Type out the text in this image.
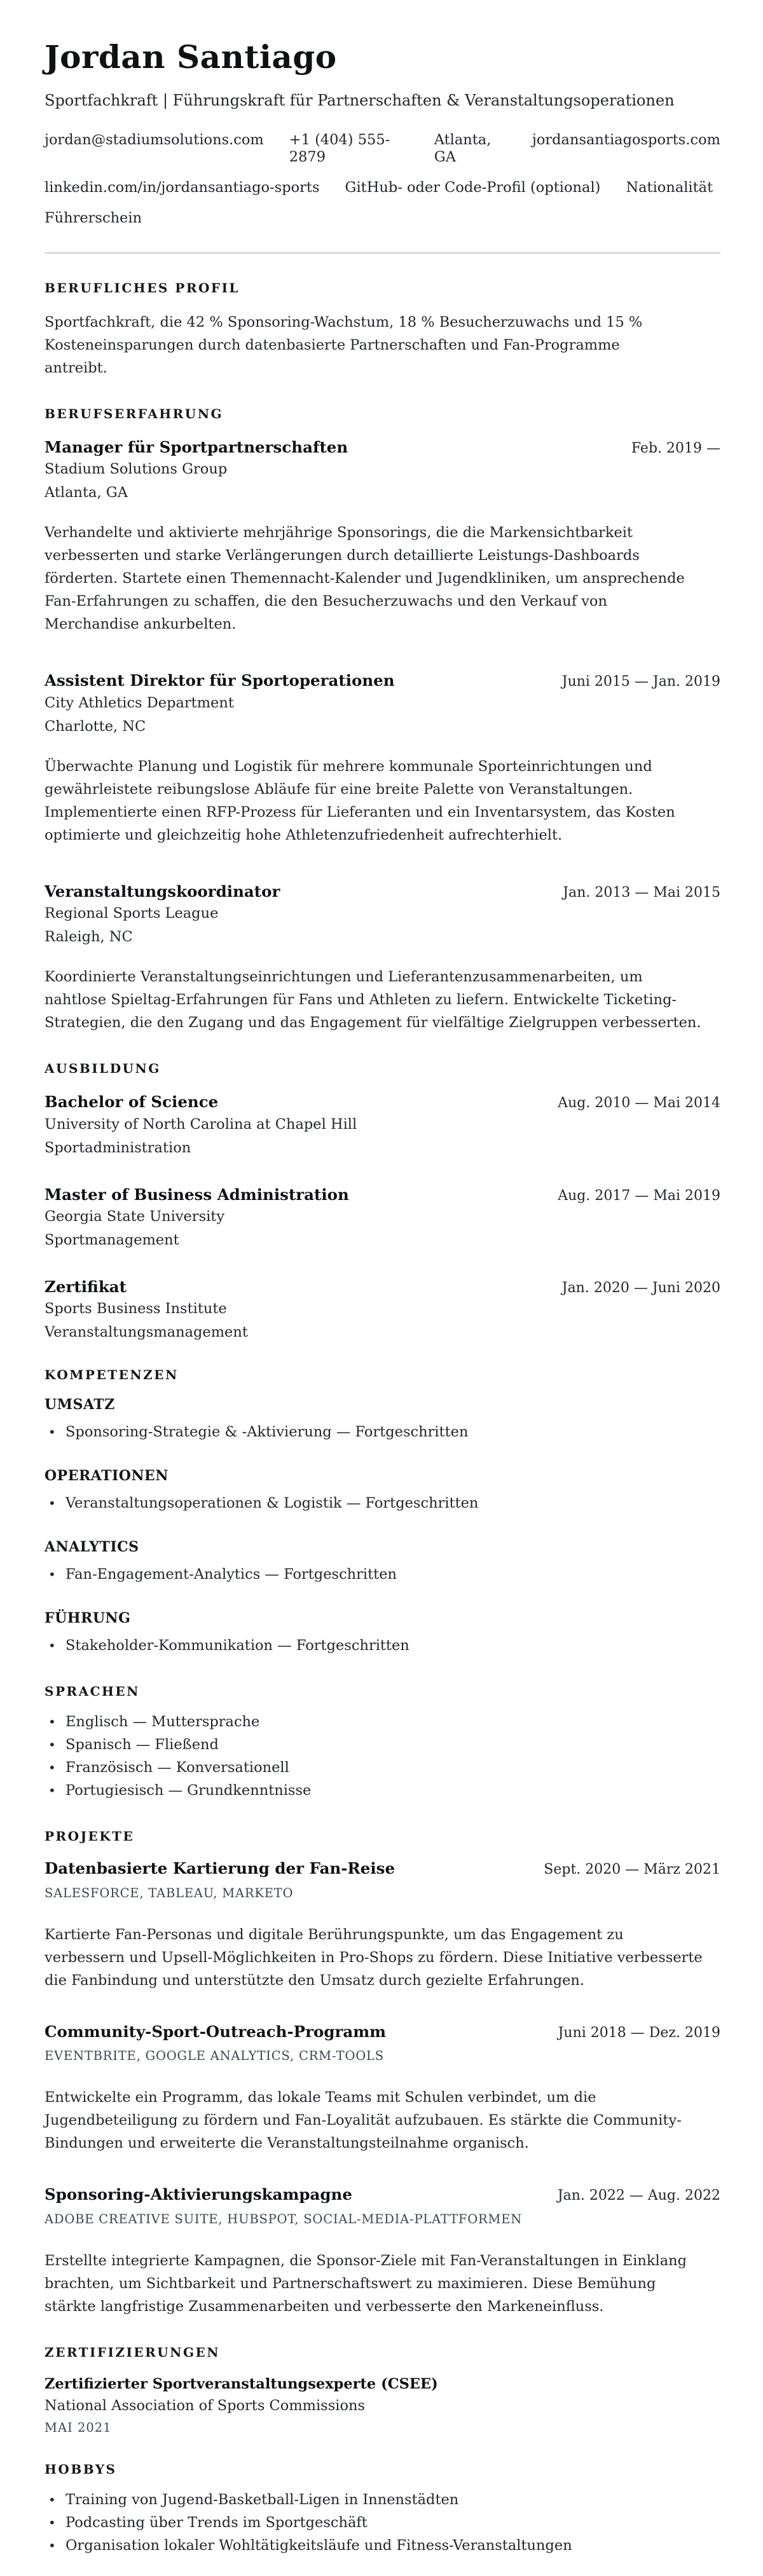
Jordan Santiago
Sportfachkraft | Führungskraft für Partnerschaften & Veranstaltungsoperationen
jordan@stadiumsolutions.com +1 (404) 555-2879
Atlanta, GA
jordansantiagosports.com
linkedin.com/in/jordansantiago-sports GitHub- oder Code-Profil (optional) Nationalität
Führerschein
BERUFLICHES PROFIL

Sportfachkraft, die 42 % Sponsoring-Wachstum, 18 % Besucherzuwachs und 15 % Kosteneinsparungen durch datenbasierte Partnerschaften und Fan-Programme antreibt.

BERUFSERFAHRUNG
Manager für Sportpartnerschaften	Feb. 2019 —
Stadium Solutions Group
Atlanta, GA

Verhandelte und aktivierte mehrjährige Sponsorings, die die Markensichtbarkeit verbesserten und starke Verlängerungen durch detaillierte Leistungs-Dashboards förderten. Startete einen Themennacht-Kalender und Jugendkliniken, um ansprechende Fan-Erfahrungen zu schaffen, die den Besucherzuwachs und den Verkauf von Merchandise ankurbelten.

Assistent Direktor für Sportoperationen	Juni 2015 — Jan. 2019
City Athletics Department
Charlotte, NC

Überwachte Planung und Logistik für mehrere kommunale Sporteinrichtungen und gewährleistete reibungslose Abläufe für eine breite Palette von Veranstaltungen. Implementierte einen RFP-Prozess für Lieferanten und ein Inventarsystem, das Kosten optimierte und gleichzeitig hohe Athletenzufriedenheit aufrechterhielt.

Veranstaltungskoordinator	Jan. 2013 — Mai 2015
Regional Sports League
Raleigh, NC

Koordinierte Veranstaltungseinrichtungen und Lieferantenzusammenarbeiten, um nahtlose Spieltag-Erfahrungen für Fans und Athleten zu liefern. Entwickelte Ticketing-Strategien, die den Zugang und das Engagement für vielfältige Zielgruppen verbesserten.

AUSBILDUNG
Bachelor of Science	Aug. 2010 — Mai 2014
University of North Carolina at Chapel Hill
Sportadministration
Master of Business Administration	Aug. 2017 — Mai 2019
Georgia State University
Sportmanagement
Zertifikat	Jan. 2020 — Juni 2020
Sports Business Institute
Veranstaltungsmanagement
KOMPETENZEN
UMSATZ
• Sponsoring-Strategie & -Aktivierung — Fortgeschritten
OPERATIONEN
• Veranstaltungsoperationen & Logistik — Fortgeschritten
ANALYTICS
• Fan-Engagement-Analytics — Fortgeschritten
FÜHRUNG
• Stakeholder-Kommunikation — Fortgeschritten
SPRACHEN
• Englisch — Muttersprache
• Spanisch — Fließend
• Französisch — Konversationell
• Portugiesisch — Grundkenntnisse
PROJEKTE
Datenbasierte Kartierung der Fan-Reise	Sept. 2020 — März 2021
SALESFORCE, TABLEAU, MARKETO

Kartierte Fan-Personas und digitale Berührungspunkte, um das Engagement zu verbessern und Upsell-Möglichkeiten in Pro-Shops zu fördern. Diese Initiative verbesserte die Fanbindung und unterstützte den Umsatz durch gezielte Erfahrungen.

Community-Sport-Outreach-Programm	Juni 2018 — Dez. 2019
EVENTBRITE, GOOGLE ANALYTICS, CRM-TOOLS

Entwickelte ein Programm, das lokale Teams mit Schulen verbindet, um die Jugendbeteiligung zu fördern und Fan-Loyalität aufzubauen. Es stärkte die Community-Bindungen und erweiterte die Veranstaltungsteilnahme organisch.

Sponsoring-Aktivierungskampagne	Jan. 2022 — Aug. 2022
ADOBE CREATIVE SUITE, HUBSPOT, SOCIAL-MEDIA-PLATTFORMEN

Erstellte integrierte Kampagnen, die Sponsor-Ziele mit Fan-Veranstaltungen in Einklang brachten, um Sichtbarkeit und Partnerschaftswert zu maximieren. Diese Bemühung stärkte langfristige Zusammenarbeiten und verbesserte den Markeneinfluss.

ZERTIFIZIERUNGEN
Zertifizierter Sportveranstaltungsexperte (CSEE)
National Association of Sports Commissions
MAI 2021
HOBBYS
• Training von Jugend-Basketball-Ligen in Innenstädten
• Podcasting über Trends im Sportgeschäft
• Organisation lokaler Wohltätigkeitsläufe und Fitness-Veranstaltungen
